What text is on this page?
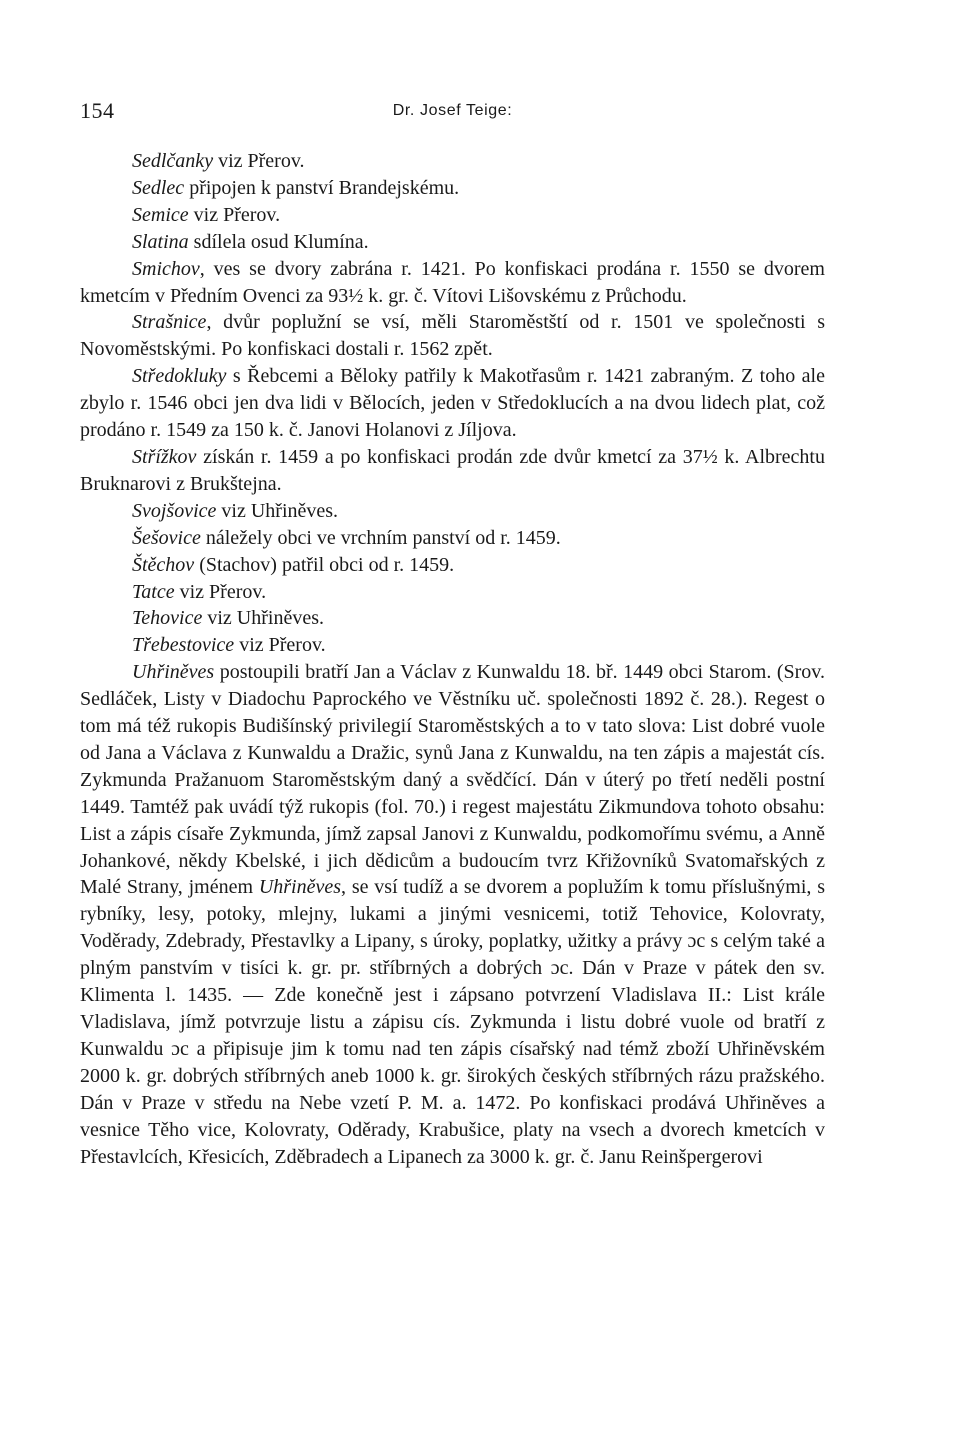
154	Dr. Josef Teige:

Sedlčanky viz Přerov.

Sedlec připojen k panství Brandejskému.

Semice viz Přerov.

Slatina sdílela osud Klumína.

Smichov, ves se dvory zabrána r. 1421. Po konfiskaci prodána r. 1550 se dvorem kmetcím v Předním Ovenci za 93½ k. gr. č. Vítovi Lišovskému z Průchodu.

Strašnice, dvůr poplužní se vsí, měli Staroměstští od r. 1501 ve společnosti s Novoměstskými. Po konfiskaci dostali r. 1562 zpět.

Středokluky s Řebcemi a Běloky patřily k Makotřasům r. 1421 zabraným. Z toho ale zbylo r. 1546 obci jen dva lidi v Bělocích, jeden v Středoklucích a na dvou lidech plat, což prodáno r. 1549 za 150 k. č. Janovi Holanovi z Jíljova.

Střížkov získán r. 1459 a po konfiskaci prodán zde dvůr kmetcí za 37½ k. Albrechtu Bruknarovi z Brukštejna.

Svojšovice viz Uhřiněves.

Šešovice náležely obci ve vrchním panství od r. 1459.

Štěchov (Stachov) patřil obci od r. 1459.

Tatce viz Přerov.

Tehovice viz Uhřiněves.

Třebestovice viz Přerov.

Uhřiněves postoupili bratří Jan a Václav z Kunwaldu 18. bř. 1449 obci Starom. (Srov. Sedláček, Listy v Diadochu Paprockého ve Věstníku uč. společnosti 1892 č. 28.). Regest o tom má též rukopis Budišínský privilegií Staroměstských a to v tato slova: List dobré vuole od Jana a Václava z Kunwaldu a Dražic, synů Jana z Kunwaldu, na ten zápis a majestát cís. Zykmunda Pražanuom Staroměstským daný a svědčící. Dán v úterý po třetí neděli postní 1449. Tamtéž pak uvádí týž rukopis (fol. 70.) i regest majestátu Zikmundova tohoto obsahu: List a zápis císaře Zykmunda, jímž zapsal Janovi z Kunwaldu, podkomořímu svému, a Anně Johankové, někdy Kbelské, i jich dědicům a budoucím tvrz Křižovníků Svatomařských z Malé Strany, jménem Uhřiněves, se vsí tudíž a se dvorem a poplužím k tomu příslušnými, s rybníky, lesy, potoky, mlejny, lukami a jinými vesnicemi, totiž Tehovice, Kolovraty, Voděrady, Zdebrady, Přestavlky a Lipany, s úroky, poplatky, užitky a právy ɔc s celým také a plným panstvím v tisíci k. gr. pr. stříbrných a dobrých ɔc. Dán v Praze v pátek den sv. Klimenta l. 1435. — Zde konečně jest i zápsano potvrzení Vladislava II.: List krále Vladislava, jímž potvrzuje listu a zápisu cís. Zykmunda i listu dobré vuole od bratří z Kunwaldu ɔc a připisuje jim k tomu nad ten zápis císařský nad témž zboží Uhřiněvském 2000 k. gr. dobrých stříbrných aneb 1000 k. gr. širokých českých stříbrných rázu pražského. Dán v Praze v středu na Nebe vzetí P. M. a. 1472. Po konfiskaci prodává Uhřiněves a vesnice Těho vice, Kolovraty, Oděrady, Krabušice, platy na vsech a dvorech kmetcích v Přestavlcích, Křesicích, Zděbradech a Lipanech za 3000 k. gr. č. Janu Reinšpergerovi
